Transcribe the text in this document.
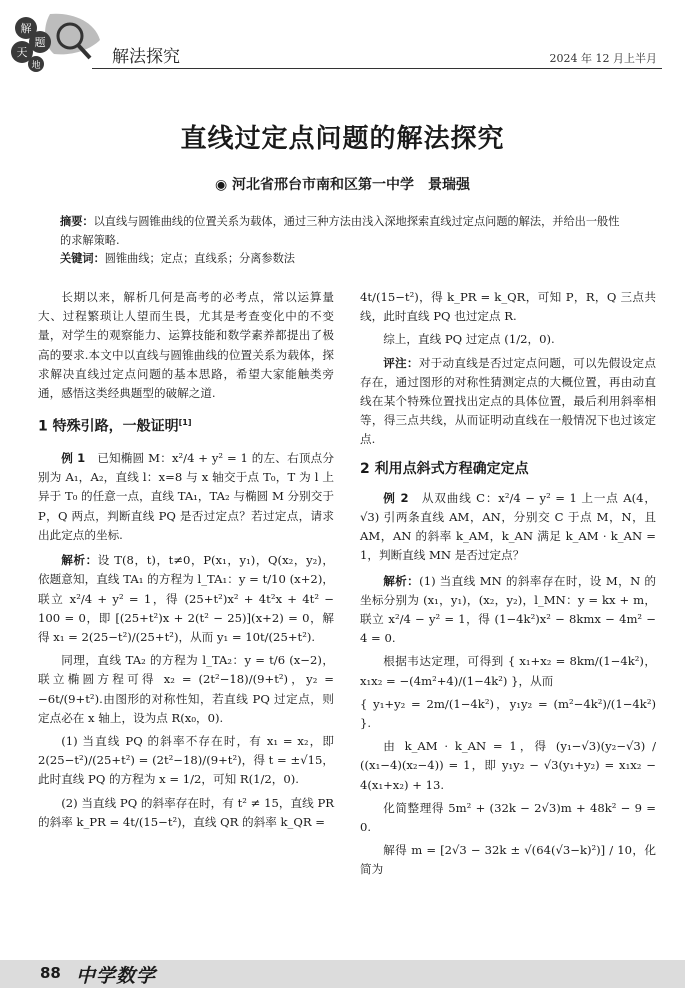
解
题
天
地	解法探究	2024 年 12 月上半月
直线过定点问题的解法探究
◉ 河北省邢台市南和区第一中学　景瑞强
摘要：以直线与圆锥曲线的位置关系为载体，通过三种方法由浅入深地探索直线过定点问题的解法，并给出一般性的求解策略.
关键词：圆锥曲线；定点；直线系；分离参数法

长期以来，解析几何是高考的必考点，常以运算量大、过程繁琐让人望而生畏，尤其是考查变化中的不变量，对学生的观察能力、运算技能和数学素养都提出了极高的要求.本文中以直线与圆锥曲线的位置关系为载体，探求解决直线过定点问题的基本思路，希望大家能触类旁通，感悟这类经典题型的破解之道.

1 特殊引路，一般证明[1]

例 1　 已知椭圆 M：x²/4 + y² = 1 的左、右顶点分别为 A₁，A₂，直线 l：x=8 与 x 轴交于点 T₀，T 为 l 上异于 T₀ 的任意一点，直线 TA₁，TA₂ 与椭圆 M 分别交于 P，Q 两点，判断直线 PQ 是否过定点？若过定点，请求出此定点的坐标.

解析：设 T(8，t)，t≠0，P(x₁，y₁)，Q(x₂，y₂)，依题意知，直线 TA₁ 的方程为 l_TA₁：y = t/10 (x+2)，联立 x²/4 + y² = 1，得 (25+t²)x² + 4t²x + 4t² − 100 = 0，即 [(25+t²)x + 2(t² − 25)](x+2) = 0，解得 x₁ = 2(25−t²)/(25+t²)，从而 y₁ = 10t/(25+t²).

同理，直线 TA₂ 的方程为 l_TA₂：y = t/6 (x−2)，联立椭圆方程可得 x₂ = (2t²−18)/(9+t²)，y₂ = −6t/(9+t²).由图形的对称性知，若直线 PQ 过定点，则定点必在 x 轴上，设为点 R(x₀，0).

(1) 当直线 PQ 的斜率不存在时，有 x₁ = x₂，即 2(25−t²)/(25+t²) = (2t²−18)/(9+t²)，得 t = ±√15，此时直线 PQ 的方程为 x = 1/2，可知 R(1/2，0).

(2) 当直线 PQ 的斜率存在时，有 t² ≠ 15，直线 PR 的斜率 k_PR = 4t/(15−t²)，直线 QR 的斜率 k_QR =

4t/(15−t²)，得 k_PR = k_QR，可知 P，R，Q 三点共线，此时直线 PQ 也过定点 R.

综上，直线 PQ 过定点 (1/2，0).

评注：对于动直线是否过定点问题，可以先假设定点存在，通过图形的对称性猜测定点的大概位置，再由动直线在某个特殊位置找出定点的具体位置，最后利用斜率相等，得三点共线，从而证明动直线在一般情况下也过该定点.

2 利用点斜式方程确定定点

例 2　 从双曲线 C：x²/4 − y² = 1 上一点 A(4，√3) 引两条直线 AM，AN，分别交 C 于点 M，N，且 AM，AN 的斜率 k_AM，k_AN 满足 k_AM · k_AN = 1，判断直线 MN 是否过定点？

解析：(1) 当直线 MN 的斜率存在时，设 M，N 的坐标分别为 (x₁，y₁)，(x₂，y₂)，l_MN：y = kx + m，联立 x²/4 − y² = 1，得 (1−4k²)x² − 8kmx − 4m² − 4 = 0.

根据韦达定理，可得到 { x₁+x₂ = 8km/(1−4k²)，x₁x₂ = −(4m²+4)/(1−4k²) }，从而

{ y₁+y₂ = 2m/(1−4k²)，y₁y₂ = (m²−4k²)/(1−4k²) }.

由 k_AM · k_AN = 1，得 (y₁−√3)(y₂−√3) / ((x₁−4)(x₂−4)) = 1，即 y₁y₂ − √3(y₁+y₂) = x₁x₂ − 4(x₁+x₂) + 13.

化简整理得 5m² + (32k − 2√3)m + 48k² − 9 = 0.

解得 m = [2√3 − 32k ± √(64(√3−k)²)] / 10，化简为

88 中学数学
